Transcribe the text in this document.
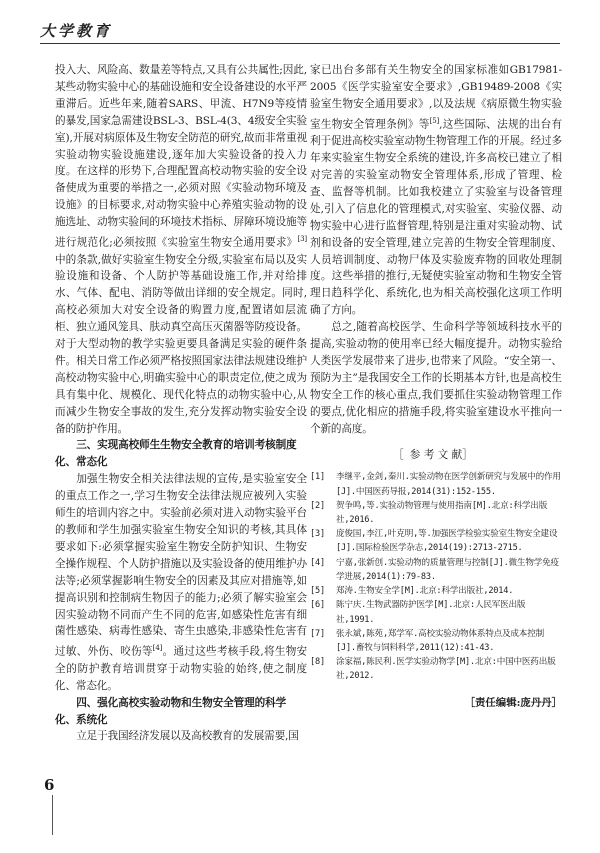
大学教育

投入大、风险高、数量差等特点,又具有公共属性;因此,某些动物实验中心的基础设施和安全设备建设的水平严重滞后。近些年来,随着SARS、甲流、H7N9等疫情的暴发,国家急需建设BSL-3、BSL-4(3、4级安全实验室),开展对病原体及生物安全防范的研究,故而非常重视实验动物实验设施建设,逐年加大实验设备的投入力度。在这样的形势下,合理配置高校动物实验的安全设备使成为重要的举措之一,必须对照《实验动物环境及设施》的目标要求,对动物实验中心养殖实验动物的设施选址、动物实验间的环境技术指标、屏障环境设施等进行规范化;必须按照《实验室生物安全通用要求》[3]中的条款,做好实验室生物安全分级,实验室布局以及实验设施和设备、个人防护等基础设施工作,并对给排水、气体、配电、消防等做出详细的安全规定。同时,高校必须加大对安全设备的购置力度,配置诸如层流柜、独立通风笼具、肤动真空高压灭菌器等防疫设备。对于大型动物的教学实验更要具备满足实验的硬件条件。相关日常工作必须严格按照国家法律法规建设维护高校动物实验中心,明确实验中心的职责定位,使之成为具有集中化、规模化、现代化特点的动物实验中心,从而减少生物安全事故的发生,充分发挥动物实验安全设备的防护作用。

三、实现高校师生生物安全教育的培训考核制度化、常态化

加强生物安全相关法律法规的宣传,是实验室安全的重点工作之一,学习生物安全法律法规应被列入实验师生的培训内容之中。实验前必须对进入动物实验平台的教师和学生加强实验室生物安全知识的考核,其具体要求如下:必须掌握实验室生物安全防护知识、生物安全操作规程、个人防护措施以及实验设备的使用维护办法等;必须掌握影响生物安全的因素及其应对措施等,如提高识别和控制病生物因子的能力;必须了解实验室会因实验动物不同而产生不同的危害,如感染性危害有细菌性感染、病毒性感染、寄生虫感染,非感染性危害有过敏、外伤、咬伤等[4]。通过这些考核手段,将生物安全的防护教育培训贯穿于动物实验的始终,使之制度化、常态化。

四、强化高校实验动物和生物安全管理的科学化、系统化

立足于我国经济发展以及高校教育的发展需要,国

家已出台多部有关生物安全的国家标准如GB17981-2005《医学实验室安全要求》,GB19489-2008《实验室生物安全通用要求》,以及法规《病原微生物实验室生物安全管理条例》等[5],这些国际、法规的出台有利于促进高校实验室动物生物管理工作的开展。经过多年来实验室生物安全系统的建设,许多高校已建立了相对完善的实验室动物安全管理体系,形成了管理、检查、监督等机制。比如我校建立了实验室与设备管理处,引入了信息化的管理模式,对实验室、实验仪器、动物实验中心进行监督管理,特别是注重对实验动物、试剂和设备的安全管理,建立完善的生物安全管理制度、人员培训制度、动物尸体及实验废弃物的回收处理制度。这些举措的推行,无疑使实验室动物和生物安全管理日趋科学化、系统化,也为相关高校强化这项工作明确了方向。

总之,随着高校医学、生命科学等领域科技水平的提高,实验动物的使用率已经大幅度提升。动物实验给人类医学发展带来了进步,也带来了风险。“安全第一、预防为主”是我国安全工作的长期基本方针,也是高校生物安全工作的核心重点,我们要抓住实验动物管理工作的要点,优化相应的措施手段,将实验室建设水平推向一个新的高度。

［参 考 文 献］
[1]	李继平,金剑,秦川.实验动物在医学创新研究与发展中的作用[J].中国医药导报,2014(31):152-155.
[2]	贺争鸣,等.实验动物管理与使用指南[M].北京:科学出版社,2016.
[3]	庞俊国,李江,叶克明,等.加强医学检验实验室生物安全建设[J].国际检验医学杂志,2014(19):2713-2715.
[4]	宁嘉,张新创.实验动物的质量管理与控制[J].微生物学免疫学进展,2014(1):79-83.
[5]	郑涛.生物安全学[M].北京:科学出版社,2014.
[6]	陈宁庆.生物武器防护医学[M].北京:人民军医出版社,1991.
[7]	张永斌,陈苑,郑学军.高校实验动物体系特点及成本控制[J].畜牧与饲料科学,2011(12):41-43.
[8]	涂家福,陈民利.医学实验动物学[M].北京:中国中医药出版社,2012.
［责任编辑:庞丹丹］
6
